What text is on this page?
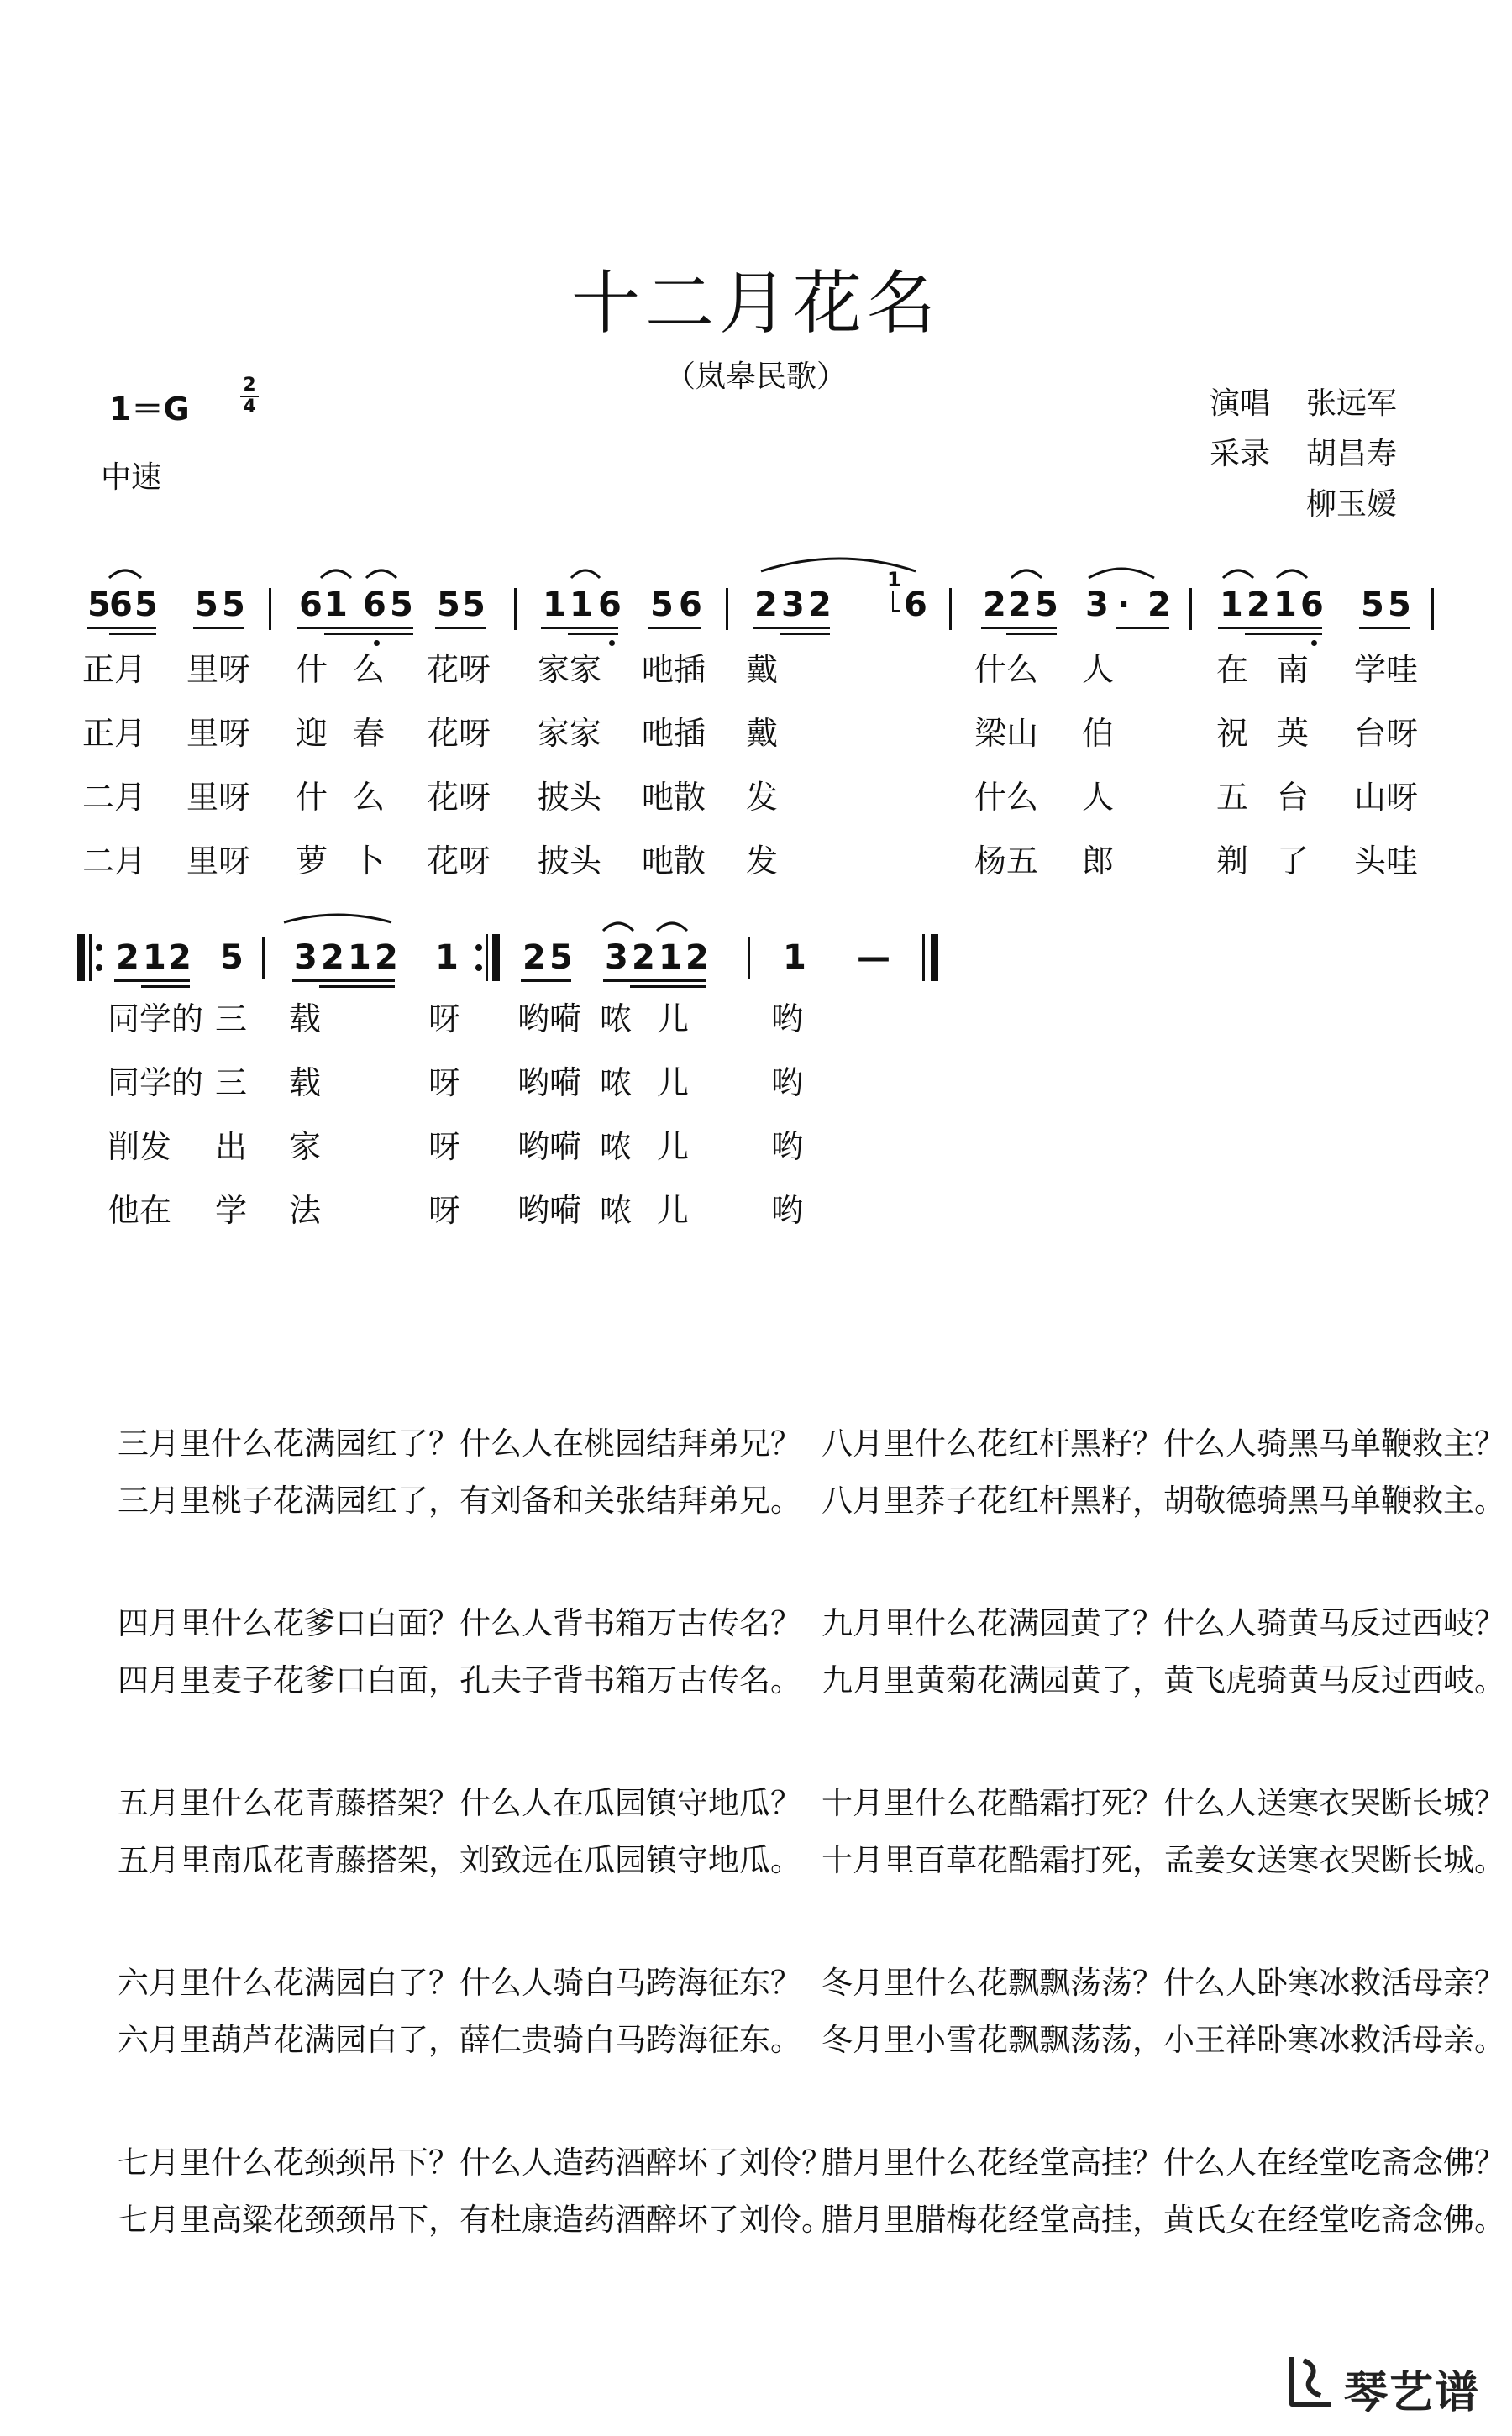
十二月花名
（岚皋民歌）
1＝G
2
4
中速
演唱 张远军
采录 胡昌寿
柳玉嫒
5
6 5 5 5 6 1 6 5 5 5 1 1 6 5 6 2 3 2
1
6 2 2 5 3 · 2 1 2 1 6 5 5
正月 里呀 什 么 花呀 家家 吔插 戴	什么 人	在 南 学哇
正月 里呀 迎 春 花呀 家家 吔插 戴	梁山 伯	祝 英 台呀
二月 里呀 什 么 花呀 披头 吔散 发	什么 人	五 台 山呀
二月 里呀 萝 卜 花呀 披头 吔散 发	杨五 郎	剃 了 头哇
2 1 2 5 3 2 1 2 1 2 5 3 2 1 2 1 —
同学的 三 载	呀 哟嗬 哝 儿	哟
同学的 三 载	呀 哟嗬 哝 儿	哟
削发 出 家	呀 哟嗬 哝 儿	哟
他在 学 法	呀 哟嗬 哝 儿	哟
三月里什么花满园红了？什么人在桃园结拜弟兄？
三月里桃子花满园红了，有刘备和关张结拜弟兄。
四月里什么花爹口白面？什么人背书箱万古传名？
四月里麦子花爹口白面，孔夫子背书箱万古传名。
五月里什么花青藤搭架？什么人在瓜园镇守地瓜？
五月里南瓜花青藤搭架，刘致远在瓜园镇守地瓜。
六月里什么花满园白了？什么人骑白马跨海征东？
六月里葫芦花满园白了，薛仁贵骑白马跨海征东。
七月里什么花颈颈吊下？什么人造药酒醉坏了刘伶？
七月里高粱花颈颈吊下，有杜康造药酒醉坏了刘伶。
八月里什么花红杆黑籽？什么人骑黑马单鞭救主？
八月里荞子花红杆黑籽，胡敬德骑黑马单鞭救主。
九月里什么花满园黄了？什么人骑黄马反过西岐？
九月里黄菊花满园黄了，黄飞虎骑黄马反过西岐。
十月里什么花酷霜打死？什么人送寒衣哭断长城？
十月里百草花酷霜打死，孟姜女送寒衣哭断长城。
冬月里什么花飘飘荡荡？什么人卧寒冰救活母亲？
冬月里小雪花飘飘荡荡，小王祥卧寒冰救活母亲。
腊月里什么花经堂高挂？什么人在经堂吃斋念佛？
腊月里腊梅花经堂高挂，黄氏女在经堂吃斋念佛。
琴艺谱
